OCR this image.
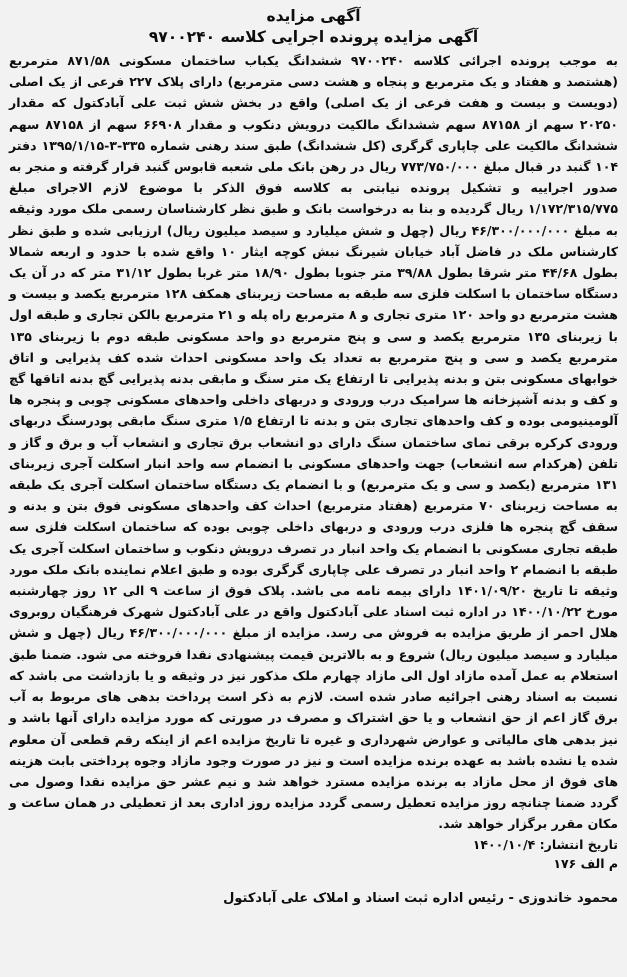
آگهی مزایده
آگهی مزایده پرونده اجرایی کلاسه ۹۷۰۰۲۴۰

به موجب پرونده اجرائی کلاسه ۹۷۰۰۲۴۰ ششدانگ یکباب ساختمان مسکونی ۸۷۱/۵۸ مترمربع (هشتصد و هفتاد و یک مترمربع و پنجاه و هشت دسی مترمربع) دارای پلاک ۲۲۷ فرعی از یک اصلی (دویست و بیست و هفت فرعی از یک اصلی) واقع در بخش شش ثبت علی آبادکتول که مقدار ۲۰۲۵۰ سهم از ۸۷۱۵۸ سهم ششدانگ مالکیت درویش دنکوب و مقدار ۶۶۹۰۸ سهم از ۸۷۱۵۸ سهم ششدانگ مالکیت علی چاپاری گرگری (کل ششدانگ) طبق سند رهنی شماره ۳۳۵-۳-۱۳۹۵/۱/۱۵ دفتر ۱۰۴ گنبد در قبال مبلغ ۷۷۳/۷۵۰/۰۰۰ ریال در رهن بانک ملی شعبه قابوس گنبد قرار گرفته و منجر به صدور اجراییه و تشکیل پرونده نیابتی به کلاسه فوق الذکر با موضوع لازم الاجرای مبلغ ۱/۱۷۲/۳۱۵/۷۷۵ ریال گردیده و بنا به درخواست بانک و طبق نظر کارشناسان رسمی ملک مورد وثیقه به مبلغ ۴۶/۳۰۰/۰۰۰/۰۰۰ ریال (چهل و شش میلیارد و سیصد میلیون ریال) ارزیابی شده و طبق نظر کارشناس ملک در فاضل آباد خیابان شیرنگ نبش کوچه ایثار ۱۰ واقع شده با حدود و اربعه شمالا بطول ۴۴/۶۸ متر شرقا بطول ۳۹/۸۸ متر جنوبا بطول ۱۸/۹۰ متر غربا بطول ۳۱/۱۲ متر که در آن یک دستگاه ساختمان با اسکلت فلزی سه طبقه به مساحت زیربنای همکف ۱۲۸ مترمربع یکصد و بیست و هشت مترمربع دو واحد ۱۲۰ متری تجاری و ۸ مترمربع راه پله و ۲۱ مترمربع بالکن تجاری و طبقه اول با زیربنای ۱۳۵ مترمربع یکصد و سی و پنج مترمربع دو واحد مسکونی طبقه دوم با زیربنای ۱۳۵ مترمربع یکصد و سی و پنج مترمربع به تعداد یک واحد مسکونی احداث شده کف پذیرایی و اتاق خوابهای مسکونی بتن و بدنه پذیرایی تا ارتفاع یک متر سنگ و مابقی بدنه پذیرایی گچ بدنه اتاقها گچ و کف و بدنه آشپزخانه ها سرامیک درب ورودی و دربهای داخلی واحدهای مسکونی چوبی و پنجره ها آلومینیومی بوده و کف واحدهای تجاری بتن و بدنه تا ارتفاع ۱/۵ متری سنگ مابقی پودرسنگ دربهای ورودی کرکره برقی نمای ساختمان سنگ دارای دو انشعاب برق تجاری و انشعاب آب و برق و گاز و تلفن (هرکدام سه انشعاب) جهت واحدهای مسکونی با انضمام سه واحد انبار اسکلت آجری زیربنای ۱۳۱ مترمربع (یکصد و سی و یک مترمربع) و با انضمام یک دستگاه ساختمان اسکلت آجری یک طبقه به مساحت زیربنای ۷۰ مترمربع (هفتاد مترمربع) احداث کف واحدهای مسکونی فوق بتن و بدنه و سقف گچ پنجره ها فلزی درب ورودی و دربهای داخلی چوبی بوده که ساختمان اسکلت فلزی سه طبقه تجاری مسکونی با انضمام یک واحد انبار در تصرف درویش دنکوب و ساختمان اسکلت آجری یک طبقه با انضمام ۲ واحد انبار در تصرف علی چاپاری گرگری بوده و طبق اعلام نماینده بانک ملک مورد وثیقه تا تاریخ ۱۴۰۱/۰۹/۲۰ دارای بیمه نامه می باشد. پلاک فوق از ساعت ۹ الی ۱۲ روز چهارشنبه مورخ ۱۴۰۰/۱۰/۲۲ در اداره ثبت اسناد علی آبادکتول واقع در علی آبادکتول شهرک فرهنگیان روبروی هلال احمر از طریق مزایده به فروش می رسد. مزایده از مبلغ ۴۶/۳۰۰/۰۰۰/۰۰۰ ریال (چهل و شش میلیارد و سیصد میلیون ریال) شروع و به بالاترین قیمت پیشنهادی نقدا فروخته می شود. ضمنا طبق استعلام به عمل آمده مازاد اول الی مازاد چهارم ملک مذکور نیز در وثیقه و یا بازداشت می باشد که نسبت به اسناد رهنی اجرائیه صادر شده است. لازم به ذکر است پرداخت بدهی های مربوط به آب برق گاز اعم از حق انشعاب و یا حق اشتراک و مصرف در صورتی که مورد مزایده دارای آنها باشد و نیز بدهی های مالیاتی و عوارض شهرداری و غیره تا تاریخ مزایده اعم از اینکه رقم قطعی آن معلوم شده یا نشده باشد به عهده برنده مزایده است و نیز در صورت وجود مازاد وجوه پرداختی بابت هزینه های فوق از محل مازاد به برنده مزایده مسترد خواهد شد و نیم عشر حق مزایده نقدا وصول می گردد ضمنا چنانچه روز مزایده تعطیل رسمی گردد مزایده روز اداری بعد از تعطیلی در همان ساعت و مکان مقرر برگزار خواهد شد.

تاریخ انتشار: ۱۴۰۰/۱۰/۴
م الف ۱۷۶
محمود خاندوزی - رئیس اداره ثبت اسناد و املاک علی آبادکتول
